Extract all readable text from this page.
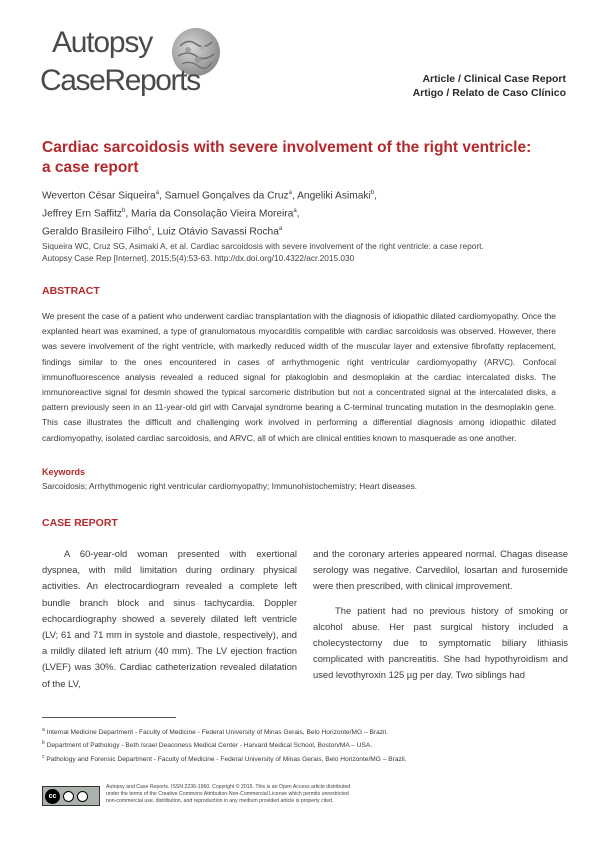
Autopsy
CaseReports	Article / Clinical Case Report
Artigo / Relato de Caso Clínico
Cardiac sarcoidosis with severe involvement of the right ventricle:
a case report
Weverton César Siqueira$^a$, Samuel Gonçalves da Cruz$^a$, Angeliki Asimaki$^b$,
Jeffrey Ern Saffitz$^b$, Maria da Consolação Vieira Moreira$^a$,
Geraldo Brasileiro Filho$^c$, Luiz Otávio Savassi Rocha$^a$
Siqueira WC, Cruz SG, Asimaki A, et al. Cardiac sarcoidosis with severe involvement of the right ventricle: a case report.
Autopsy Case Rep [Internet]. 2015;5(4):53-63. http://dx.doi.org/10.4322/acr.2015.030
ABSTRACT
We present the case of a patient who underwent cardiac transplantation with the diagnosis of idiopathic dilated cardiomyopathy. Once the explanted heart was examined, a type of granulomatous myocarditis compatible with cardiac sarcoidosis was observed. However, there was severe involvement of the right ventricle, with markedly reduced width of the muscular layer and extensive fibrofatty replacement, findings similar to the ones encountered in cases of arrhythmogenic right ventricular cardiomyopathy (ARVC). Confocal immunofluorescence analysis revealed a reduced signal for plakoglobin and desmoplakin at the cardiac intercalated disks. The immunoreactive signal for desmin showed the typical sarcomeric distribution but not a concentrated signal at the intercalated disks, a pattern previously seen in an 11-year-old girl with Carvajal syndrome bearing a C-terminal truncating mutation in the desmoplakin gene. This case illustrates the difficult and challenging work involved in performing a differential diagnosis among idiopathic dilated cardiomyopathy, isolated cardiac sarcoidosis, and ARVC, all of which are clinical entities known to masquerade as one another.
Keywords
Sarcoidosis; Arrhythmogenic right ventricular cardiomyopathy; Immunohistochemistry; Heart diseases.
CASE REPORT

A 60-year-old woman presented with exertional dyspnea, with mild limitation during ordinary physical activities. An electrocardiogram revealed a complete left bundle branch block and sinus tachycardia. Doppler echocardiography showed a severely dilated left ventricle (LV; 61 and 71 mm in systole and diastole, respectively), and a mildly dilated left atrium (40 mm). The LV ejection fraction (LVEF) was 30%. Cardiac catheterization revealed dilatation of the LV,

and the coronary arteries appeared normal. Chagas disease serology was negative. Carvedilol, losartan and furosemide were then prescribed, with clinical improvement.

The patient had no previous history of smoking or alcohol abuse. Her past surgical history included a cholecystectomy due to symptomatic biliary lithiasis complicated with pancreatitis. She had hypothyroidism and used levothyroxin 125 µg per day. Two siblings had

$^a$ Internal Medicine Department - Faculty of Medicine - Federal University of Minas Gerais, Belo Horizonte/MG – Brazil.
$^b$ Department of Pathology - Beth Israel Deaconess Medical Center - Harvard Medical School, Boston/MA – USA.
$^c$ Pathology and Forensic Department - Faculty of Medicine - Federal University of Minas Gerais, Belo Horizonte/MG – Brazil.
cc
Autopsy and Case Reports. ISSN 2236-1960. Copyright © 2015. This is an Open Access article distributed
under the terms of the Creative Commons Attribution-Non-Commercial License which permits unrestricted
non-commercial use, distribution, and reproduction in any medium provided article is properly cited.
